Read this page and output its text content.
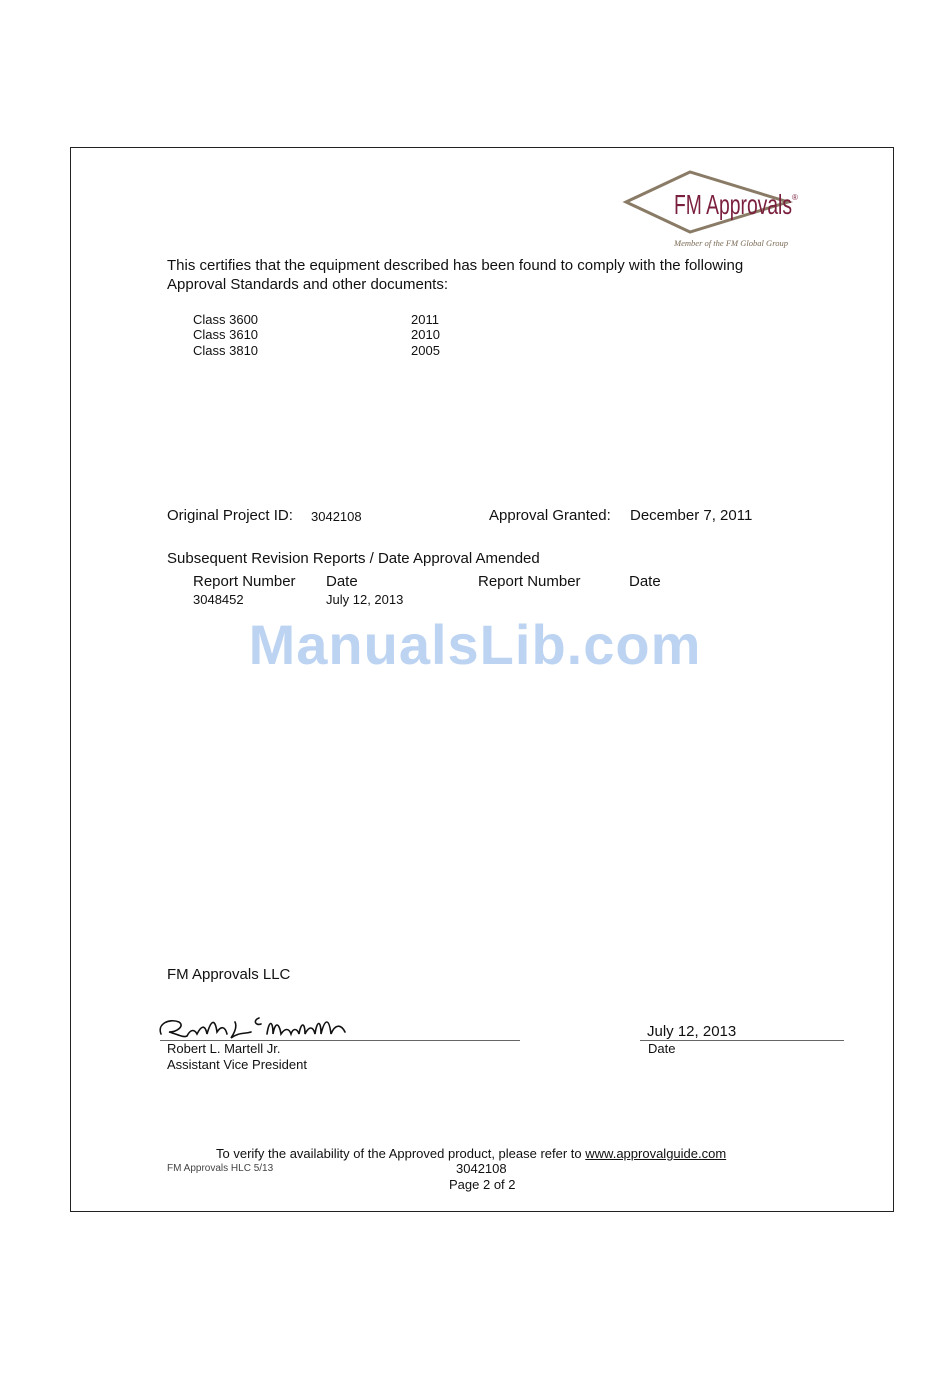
FM Approvals ®
Member of the FM Global Group
This certifies that the equipment described has been found to comply with the following
Approval Standards and other documents:
Class 3600	2011
Class 3610	2010
Class 3810	2005
Original Project ID: 3042108	Approval Granted: December 7, 2011
Subsequent Revision Reports / Date Approval Amended
Report Number Date	Report Number	Date
3048452	July 12, 2013
ManualsLib.com
FM Approvals LLC
Robert L. Martell Jr.
Assistant Vice President
July 12, 2013
Date
To verify the availability of the Approved product, please refer to www.approvalguide.com
FM Approvals HLC 5/13	3042108
Page 2 of 2
